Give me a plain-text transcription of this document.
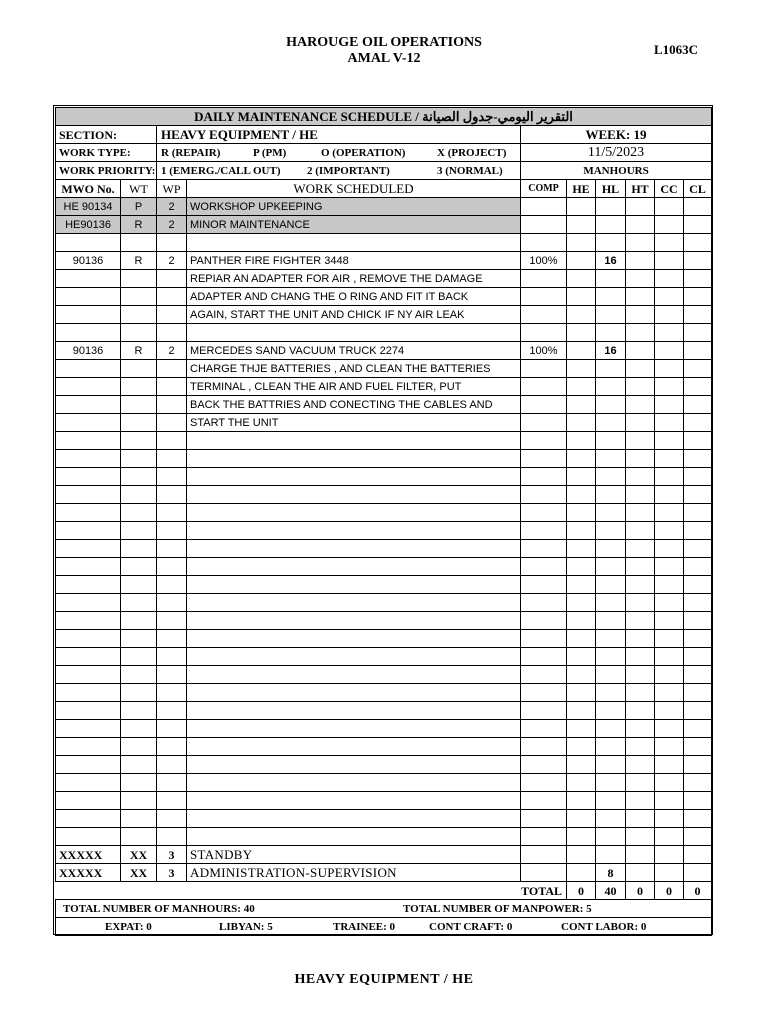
HAROUGE OIL OPERATIONS
AMAL V-12
L1063C
DAILY MAINTENANCE SCHEDULE / التقرير اليومي-جدول الصيانة									
SECTION:		HEAVY EQUIPMENT / HE		WEEK: 19					
WORK TYPE:		R (REPAIR) P (PM) O (OPERATION) X (PROJECT)		11/5/2023					
WORK PRIORITY:		1 (EMERG./CALL OUT) 2 (IMPORTANT) 3 (NORMAL)		MANHOURS					
MWO No.	WT	WP	WORK SCHEDULED	COMP	HE	HL	HT	CC	CL
HE 90134	P	2	WORKSHOP UPKEEPING						
HE90136	R	2	MINOR MAINTENANCE						

90136	R	2	PANTHER FIRE FIGHTER 3448	100%		16			
			REPIAR AN ADAPTER FOR AIR , REMOVE THE DAMAGE						
			ADAPTER AND CHANG THE O RING AND FIT IT BACK						
			AGAIN, START THE UNIT AND CHICK IF NY AIR LEAK						

90136	R	2	MERCEDES SAND VACUUM TRUCK 2274	100%		16			
			CHARGE THJE BATTERIES , AND CLEAN THE BATTERIES						
			TERMINAL , CLEAN THE AIR AND FUEL FILTER, PUT						
			BACK THE BATTRIES AND CONECTING THE CABLES AND						
			START THE UNIT						

XXXXX	XX	3	STANDBY						
XXXXX	XX	3	ADMINISTRATION-SUPERVISION			8			
TOTAL					0	40	0	0	0
TOTAL NUMBER OF MANHOURS: 40 TOTAL NUMBER OF MANPOWER: 5									
EXPAT: 0 LIBYAN: 5 TRAINEE: 0 CONT CRAFT: 0 CONT LABOR: 0									
HEAVY EQUIPMENT / HE
